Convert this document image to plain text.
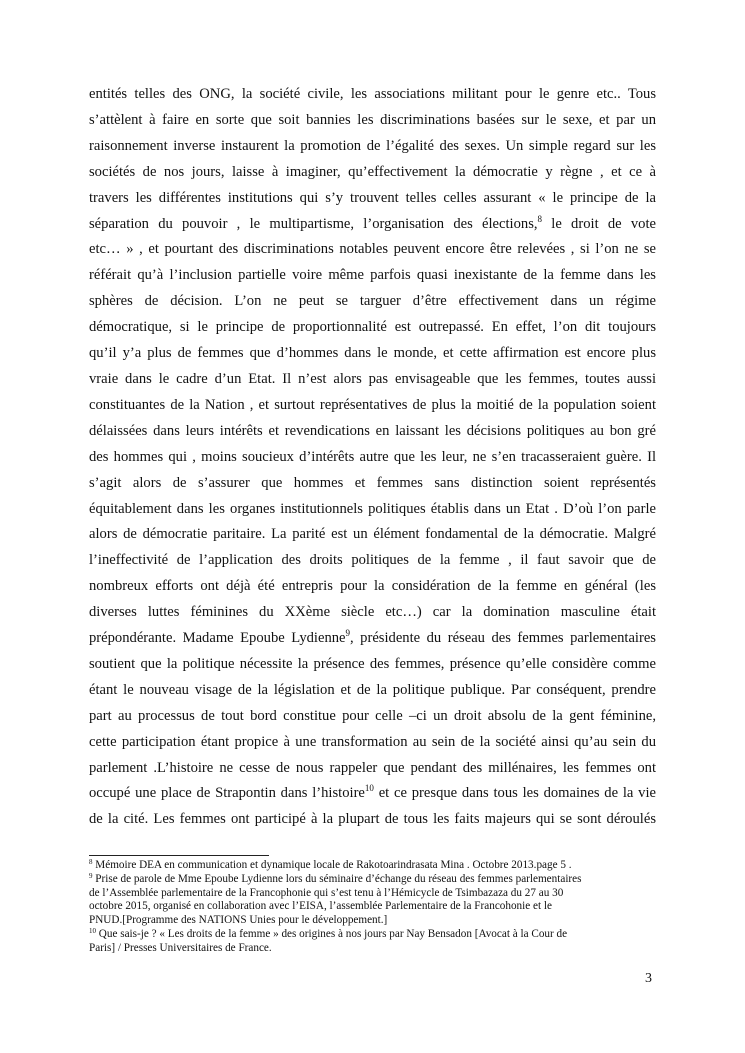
entités telles des ONG, la société civile, les associations militant pour le genre etc.. Tous
s’attèlent à faire en sorte que soit bannies les discriminations basées sur le sexe, et par un
raisonnement inverse instaurent la promotion de l’égalité des sexes. Un simple regard sur les
sociétés de nos jours, laisse à imaginer, qu’effectivement la démocratie y règne , et ce à
travers les différentes institutions qui s’y trouvent telles celles assurant « le principe de la
séparation du pouvoir , le multipartisme, l’organisation des élections,$^8$ le droit de vote
etc… » , et pourtant des discriminations notables peuvent encore être relevées , si l’on ne se
référait qu’à l’inclusion partielle voire même parfois quasi inexistante de la femme dans les
sphères de décision. L’on ne peut se targuer d’être effectivement dans un régime
démocratique, si le principe de proportionnalité est outrepassé. En effet, l’on dit toujours
qu’il y’a plus de femmes que d’hommes dans le monde, et cette affirmation est encore plus
vraie dans le cadre d’un Etat. Il n’est alors pas envisageable que les femmes, toutes aussi
constituantes de la Nation , et surtout représentatives de plus la moitié de la population soient
délaissées dans leurs intérêts et revendications en laissant les décisions politiques au bon gré
des hommes qui , moins soucieux d’intérêts autre que les leur, ne s’en tracasseraient guère. Il
s’agit alors de s’assurer que hommes et femmes sans distinction soient représentés
équitablement dans les organes institutionnels politiques établis dans un Etat . D’où l’on parle
alors de démocratie paritaire. La parité est un élément fondamental de la démocratie. Malgré
l’ineffectivité de l’application des droits politiques de la femme , il faut savoir que de
nombreux efforts ont déjà été entrepris pour la considération de la femme en général (les
diverses luttes féminines du XXème siècle etc…) car la domination masculine était
prépondérante. Madame Epoube Lydienne$^9$, présidente du réseau des femmes parlementaires
soutient que la politique nécessite la présence des femmes, présence qu’elle considère comme
étant le nouveau visage de la législation et de la politique publique. Par conséquent, prendre
part au processus de tout bord constitue pour celle –ci un droit absolu de la gent féminine,
cette participation étant propice à une transformation au sein de la société ainsi qu’au sein du
parlement .L’histoire ne cesse de nous rappeler que pendant des millénaires, les femmes ont
occupé une place de Strapontin dans l’histoire$^{10}$ et ce presque dans tous les domaines de la vie
de la cité. Les femmes ont participé à la plupart de tous les faits majeurs qui se sont déroulés
$^8$ Mémoire DEA en communication et dynamique locale de Rakotoarindrasata Mina . Octobre 2013.page 5 .
$^9$ Prise de parole de Mme Epoube Lydienne lors du séminaire d’échange du réseau des femmes parlementaires
de l’Assemblée parlementaire de la Francophonie qui s’est tenu à l’Hémicycle de Tsimbazaza du 27 au 30
octobre 2015, organisé en collaboration avec l’EISA, l’assemblée Parlementaire de la Francohonie et le
PNUD.[Programme des NATIONS Unies pour le développement.]
$^{10}$ Que sais-je ? « Les droits de la femme » des origines à nos jours par Nay Bensadon [Avocat à la Cour de
Paris] / Presses Universitaires de France.
3
